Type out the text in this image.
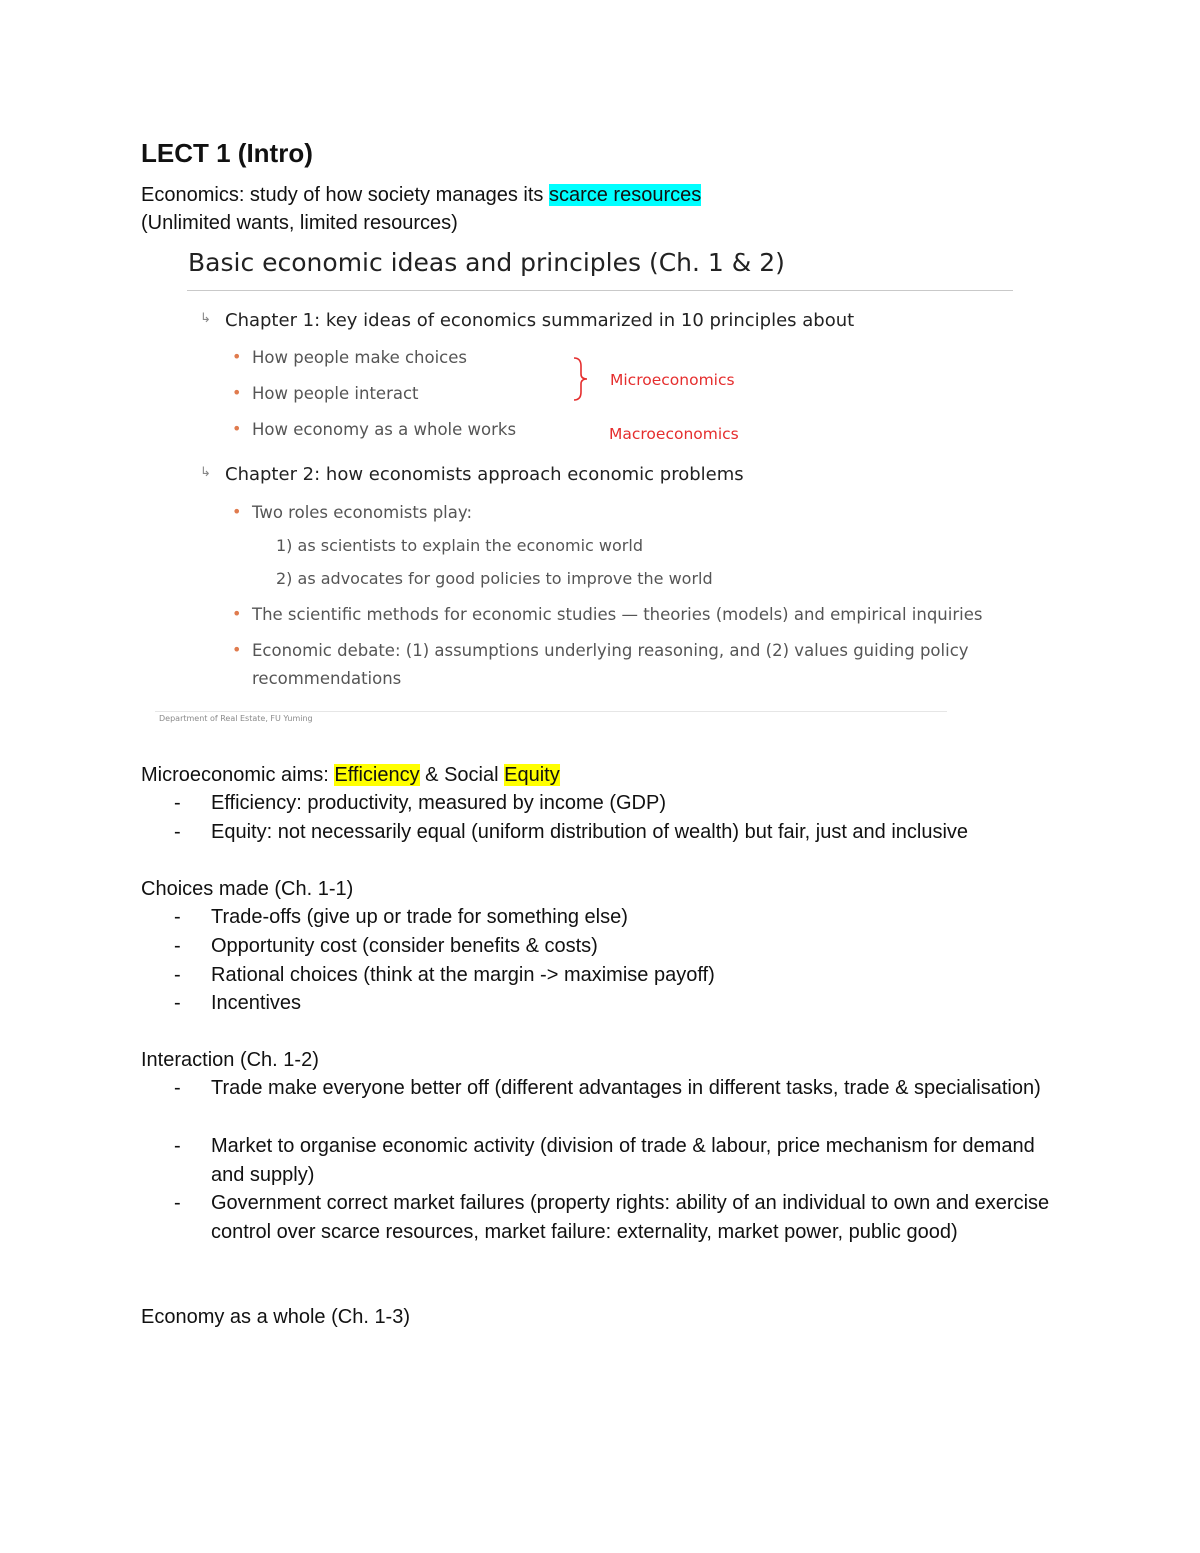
LECT 1 (Intro)
Economics: study of how society manages its scarce resources
(Unlimited wants, limited resources)
Basic economic ideas and principles (Ch. 1 & 2)
↳ Chapter 1: key ideas of economics summarized in 10 principles about
• How people make choices
• How people interact
• How economy as a whole works
Microeconomics
Macroeconomics
↳ Chapter 2: how economists approach economic problems
• Two roles economists play:
1) as scientists to explain the economic world
2) as advocates for good policies to improve the world
• The scientific methods for economic studies — theories (models) and empirical inquiries
• Economic debate: (1) assumptions underlying reasoning, and (2) values guiding policy
recommendations
Department of Real Estate, FU Yuming
Microeconomic aims: Efficiency & Social Equity
- Efficiency: productivity, measured by income (GDP)
- Equity: not necessarily equal (uniform distribution of wealth) but fair, just and inclusive
Choices made (Ch. 1-1)
- Trade-offs (give up or trade for something else)
- Opportunity cost (consider benefits & costs)
- Rational choices (think at the margin -> maximise payoff)
- Incentives
Interaction (Ch. 1-2)
- Trade make everyone better off (different advantages in different tasks, trade & specialisation)
- Market to organise economic activity (division of trade & labour, price mechanism for demand and supply)
- Government correct market failures (property rights: ability of an individual to own and exercise control over scarce resources, market failure: externality, market power, public good)
Economy as a whole (Ch. 1-3)
